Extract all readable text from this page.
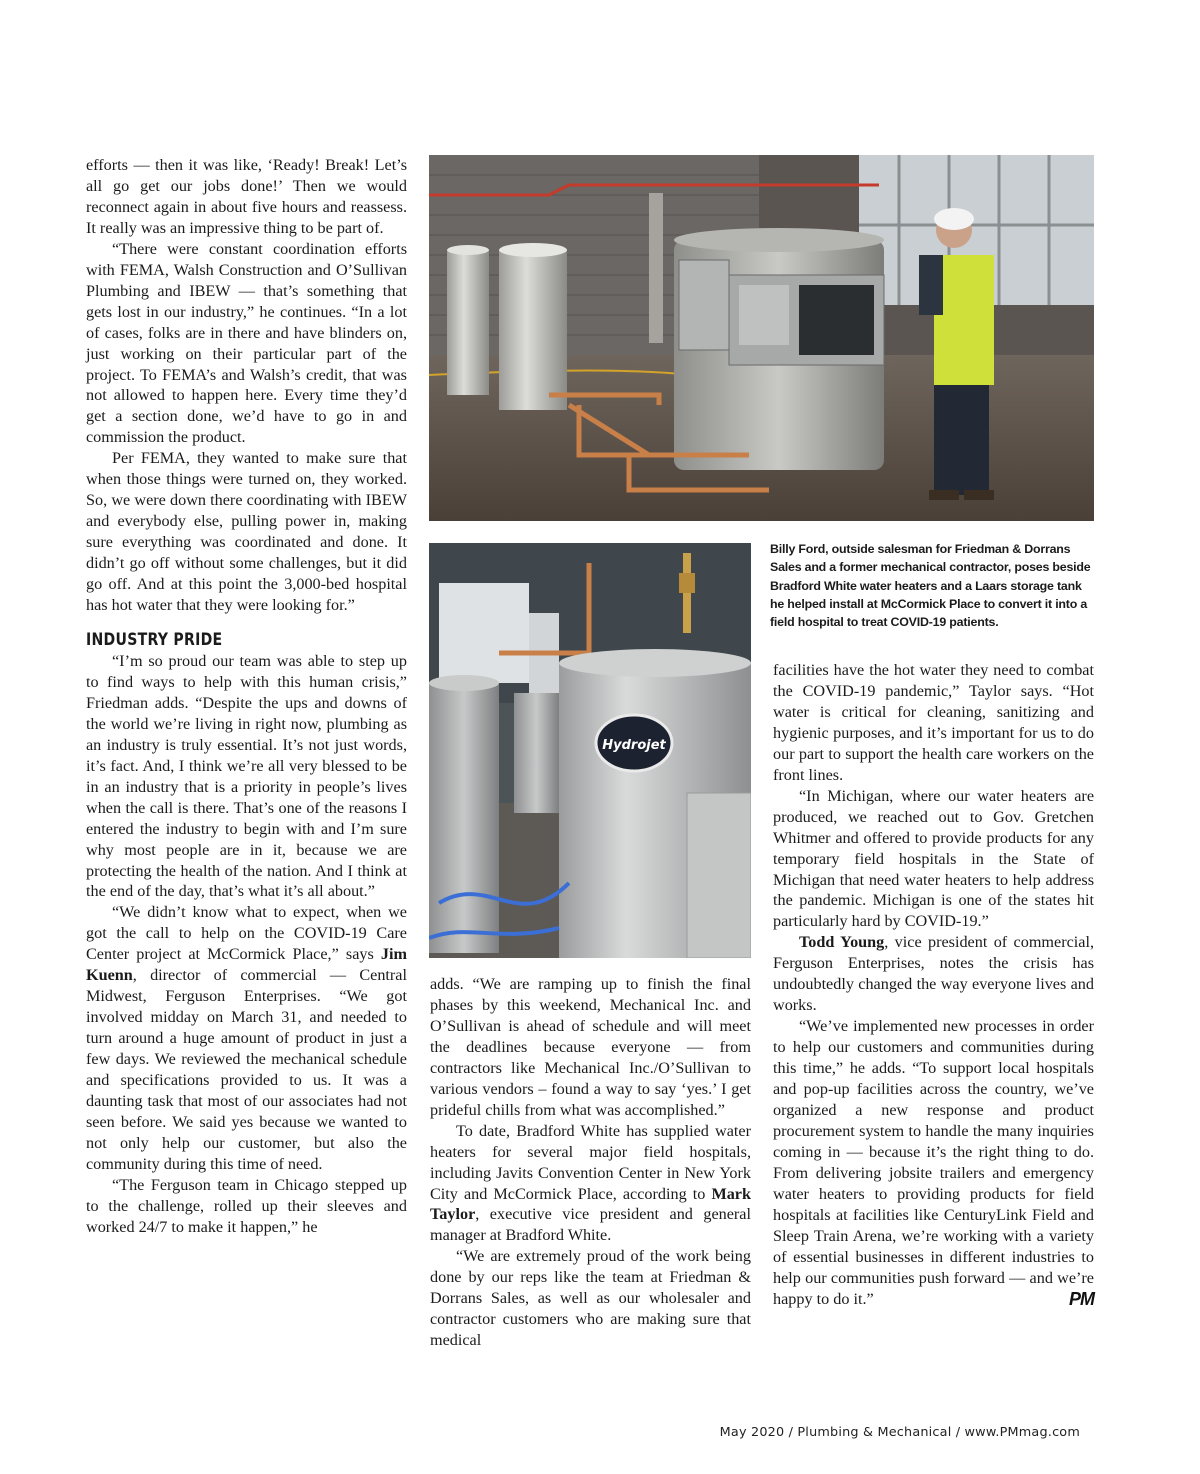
efforts — then it was like, ‘Ready! Break! Let’s all go get our jobs done!’ Then we would reconnect again in about five hours and reassess. It really was an impressive thing to be part of.

“There were constant coordination efforts with FEMA, Walsh Construction and O’Sullivan Plumbing and IBEW — that’s something that gets lost in our industry,” he continues. “In a lot of cases, folks are in there and have blinders on, just working on their particular part of the project. To FEMA’s and Walsh’s credit, that was not allowed to happen here. Every time they’d get a section done, we’d have to go in and commission the product.

Per FEMA, they wanted to make sure that when those things were turned on, they worked. So, we were down there coordinating with IBEW and everybody else, pulling power in, making sure everything was coordinated and done. It didn’t go off without some challenges, but it did go off. And at this point the 3,000-bed hospital has hot water that they were looking for.”

INDUSTRY PRIDE

“I’m so proud our team was able to step up to find ways to help with this human crisis,” Friedman adds. “Despite the ups and downs of the world we’re living in right now, plumbing as an industry is truly essential. It’s not just words, it’s fact. And, I think we’re all very blessed to be in an industry that is a priority in people’s lives when the call is there. That’s one of the reasons I entered the industry to begin with and I’m sure why most people are in it, because we are protecting the health of the nation. And I think at the end of the day, that’s what it’s all about.”

“We didn’t know what to expect, when we got the call to help on the COVID-19 Care Center project at McCormick Place,” says Jim Kuenn, director of commercial — Central Midwest, Ferguson Enterprises. “We got involved midday on March 31, and needed to turn around a huge amount of product in just a few days. We reviewed the mechanical schedule and specifications provided to us. It was a daunting task that most of our associates had not seen before. We said yes because we wanted to not only help our customer, but also the community during this time of need.

“The Ferguson team in Chicago stepped up to the challenge, rolled up their sleeves and worked 24/7 to make it happen,” he

Billy Ford, outside salesman for Friedman & Dorrans Sales and a former mechanical contractor, poses beside Bradford White water heaters and a Laars storage tank he helped install at McCormick Place to convert it into a field hospital to treat COVID-19 patients.
Hydrojet

adds. “We are ramping up to finish the final phases by this weekend, Mechanical Inc. and O’Sullivan is ahead of schedule and will meet the deadlines because everyone — from contractors like Mechanical Inc./O’Sullivan to various vendors – found a way to say ‘yes.’ I get prideful chills from what was accomplished.”

To date, Bradford White has supplied water heaters for several major field hospitals, including Javits Convention Center in New York City and McCormick Place, according to Mark Taylor, executive vice president and general manager at Bradford White.

“We are extremely proud of the work being done by our reps like the team at Friedman & Dorrans Sales, as well as our wholesaler and contractor customers who are making sure that medical

facilities have the hot water they need to combat the COVID-19 pandemic,” Taylor says. “Hot water is critical for cleaning, sanitizing and hygienic purposes, and it’s important for us to do our part to support the health care workers on the front lines.

“In Michigan, where our water heaters are produced, we reached out to Gov. Gretchen Whitmer and offered to provide products for any temporary field hospitals in the State of Michigan that need water heaters to help address the pandemic. Michigan is one of the states hit particularly hard by COVID-19.”

Todd Young, vice president of commercial, Ferguson Enterprises, notes the crisis has undoubtedly changed the way everyone lives and works.

“We’ve implemented new processes in order to help our customers and communities during this time,” he adds. “To support local hospitals and pop-up facilities across the country, we’ve organized a new response and product procurement system to handle the many inquiries coming in — because it’s the right thing to do. From delivering jobsite trailers and emergency water heaters to providing products for field hospitals at facilities like CenturyLink Field and Sleep Train Arena, we’re working with a variety of essential businesses in different industries to help our communities push forward — and we’re happy to do it.”	PM

May 2020 / Plumbing & Mechanical / www.PMmag.com
